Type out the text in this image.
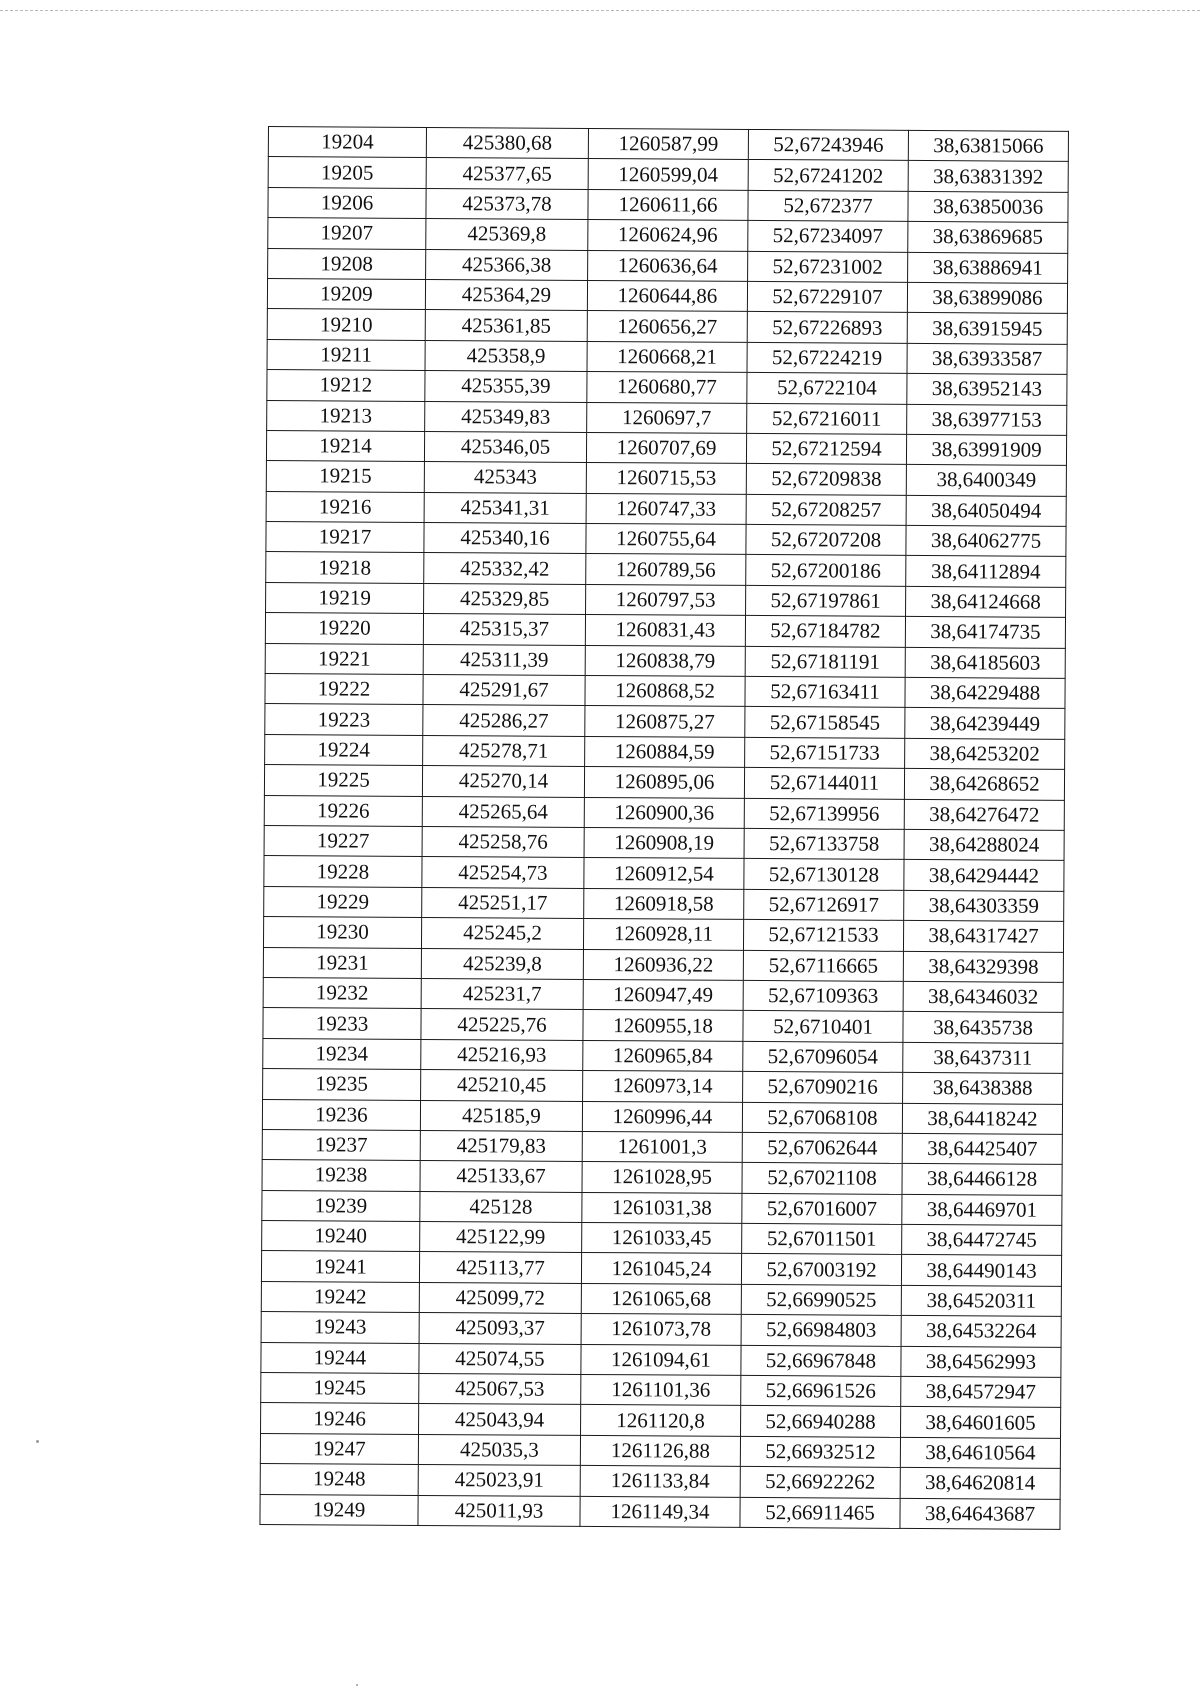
19204	425380,68	1260587,99	52,67243946	38,63815066
19205	425377,65	1260599,04	52,67241202	38,63831392
19206	425373,78	1260611,66	52,672377	38,63850036
19207	425369,8	1260624,96	52,67234097	38,63869685
19208	425366,38	1260636,64	52,67231002	38,63886941
19209	425364,29	1260644,86	52,67229107	38,63899086
19210	425361,85	1260656,27	52,67226893	38,63915945
19211	425358,9	1260668,21	52,67224219	38,63933587
19212	425355,39	1260680,77	52,6722104	38,63952143
19213	425349,83	1260697,7	52,67216011	38,63977153
19214	425346,05	1260707,69	52,67212594	38,63991909
19215	425343	1260715,53	52,67209838	38,6400349
19216	425341,31	1260747,33	52,67208257	38,64050494
19217	425340,16	1260755,64	52,67207208	38,64062775
19218	425332,42	1260789,56	52,67200186	38,64112894
19219	425329,85	1260797,53	52,67197861	38,64124668
19220	425315,37	1260831,43	52,67184782	38,64174735
19221	425311,39	1260838,79	52,67181191	38,64185603
19222	425291,67	1260868,52	52,67163411	38,64229488
19223	425286,27	1260875,27	52,67158545	38,64239449
19224	425278,71	1260884,59	52,67151733	38,64253202
19225	425270,14	1260895,06	52,67144011	38,64268652
19226	425265,64	1260900,36	52,67139956	38,64276472
19227	425258,76	1260908,19	52,67133758	38,64288024
19228	425254,73	1260912,54	52,67130128	38,64294442
19229	425251,17	1260918,58	52,67126917	38,64303359
19230	425245,2	1260928,11	52,67121533	38,64317427
19231	425239,8	1260936,22	52,67116665	38,64329398
19232	425231,7	1260947,49	52,67109363	38,64346032
19233	425225,76	1260955,18	52,6710401	38,6435738
19234	425216,93	1260965,84	52,67096054	38,6437311
19235	425210,45	1260973,14	52,67090216	38,6438388
19236	425185,9	1260996,44	52,67068108	38,64418242
19237	425179,83	1261001,3	52,67062644	38,64425407
19238	425133,67	1261028,95	52,67021108	38,64466128
19239	425128	1261031,38	52,67016007	38,64469701
19240	425122,99	1261033,45	52,67011501	38,64472745
19241	425113,77	1261045,24	52,67003192	38,64490143
19242	425099,72	1261065,68	52,66990525	38,64520311
19243	425093,37	1261073,78	52,66984803	38,64532264
19244	425074,55	1261094,61	52,66967848	38,64562993
19245	425067,53	1261101,36	52,66961526	38,64572947
19246	425043,94	1261120,8	52,66940288	38,64601605
19247	425035,3	1261126,88	52,66932512	38,64610564
19248	425023,91	1261133,84	52,66922262	38,64620814
19249	425011,93	1261149,34	52,66911465	38,64643687
